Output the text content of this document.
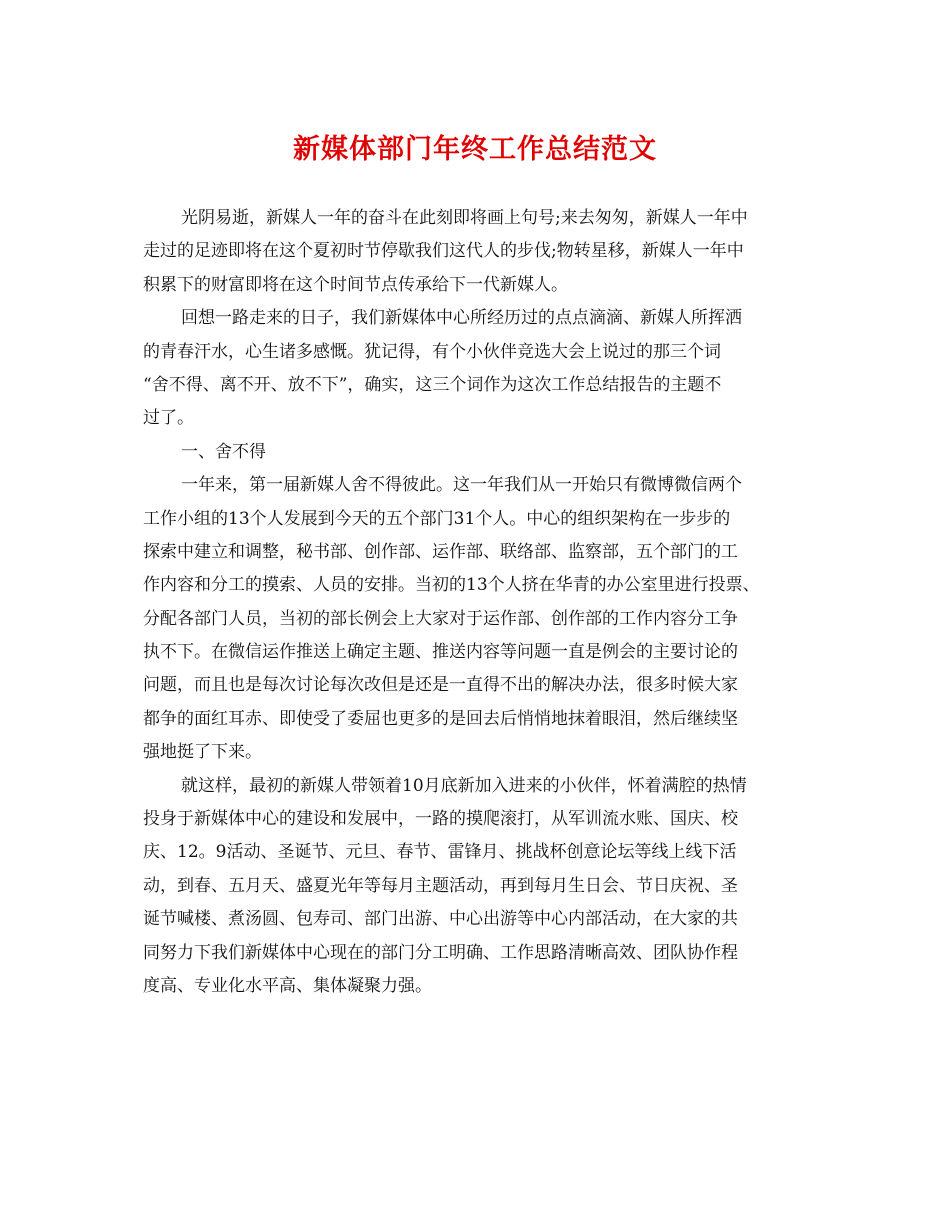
新媒体部门年终工作总结范文
光阴易逝，新媒人一年的奋斗在此刻即将画上句号;来去匆匆，新媒人一年中
走过的足迹即将在这个夏初时节停歇我们这代人的步伐;物转星移，新媒人一年中
积累下的财富即将在这个时间节点传承给下一代新媒人。
回想一路走来的日子，我们新媒体中心所经历过的点点滴滴、新媒人所挥洒
的青春汗水，心生诸多感慨。犹记得，有个小伙伴竞选大会上说过的那三个词
“舍不得、离不开、放不下”，确实，这三个词作为这次工作总结报告的主题不
过了。
一、舍不得
一年来，第一届新媒人舍不得彼此。这一年我们从一开始只有微博微信两个
工作小组的13个人发展到今天的五个部门31个人。中心的组织架构在一步步的
探索中建立和调整，秘书部、创作部、运作部、联络部、监察部，五个部门的工
作内容和分工的摸索、人员的安排。当初的13个人挤在华青的办公室里进行投票、
分配各部门人员，当初的部长例会上大家对于运作部、创作部的工作内容分工争
执不下。在微信运作推送上确定主题、推送内容等问题一直是例会的主要讨论的
问题，而且也是每次讨论每次改但是还是一直得不出的解决办法，很多时候大家
都争的面红耳赤、即使受了委屈也更多的是回去后悄悄地抹着眼泪，然后继续坚
强地挺了下来。
就这样，最初的新媒人带领着10月底新加入进来的小伙伴，怀着满腔的热情
投身于新媒体中心的建设和发展中，一路的摸爬滚打，从军训流水账、国庆、校
庆、12。9活动、圣诞节、元旦、春节、雷锋月、挑战杯创意论坛等线上线下活
动，到春、五月天、盛夏光年等每月主题活动，再到每月生日会、节日庆祝、圣
诞节喊楼、煮汤圆、包寿司、部门出游、中心出游等中心内部活动，在大家的共
同努力下我们新媒体中心现在的部门分工明确、工作思路清晰高效、团队协作程
度高、专业化水平高、集体凝聚力强。
